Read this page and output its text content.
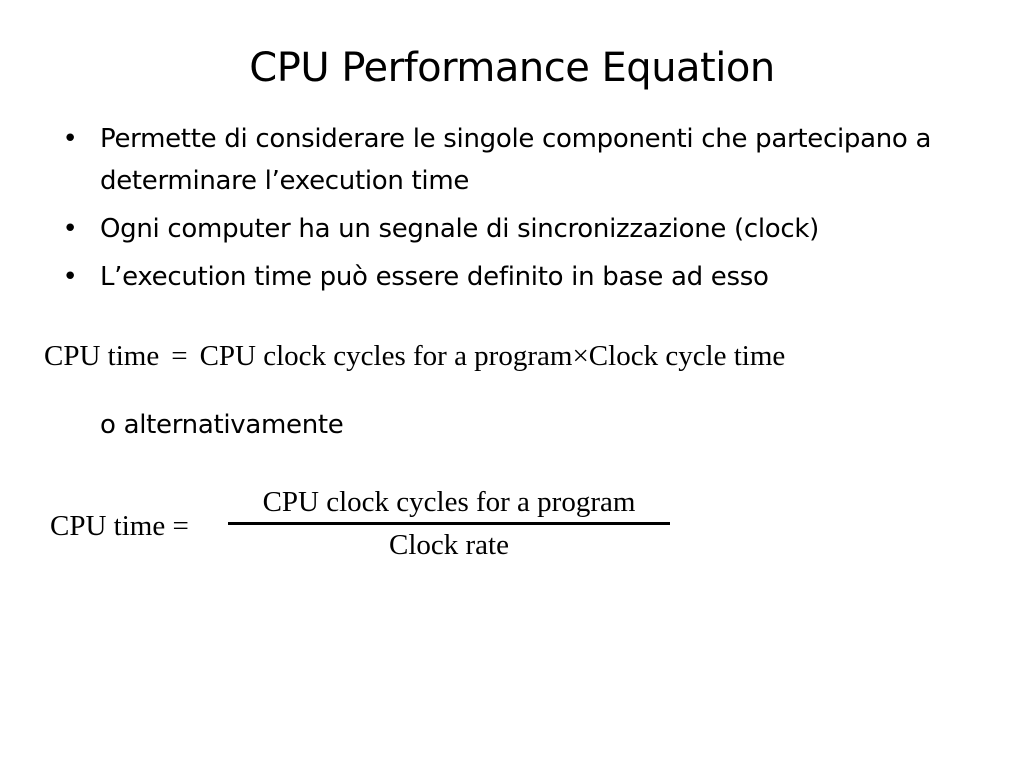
CPU Performance Equation
• Permette di considerare le singole componenti che partecipano a determinare l’execution time
• Ogni computer ha un segnale di sincronizzazione (clock)
• L’execution time può essere definito in base ad esso
CPU time = CPU clock cycles for a program×Clock cycle time
o alternativamente
CPU time =
CPU clock cycles for a program
Clock rate
